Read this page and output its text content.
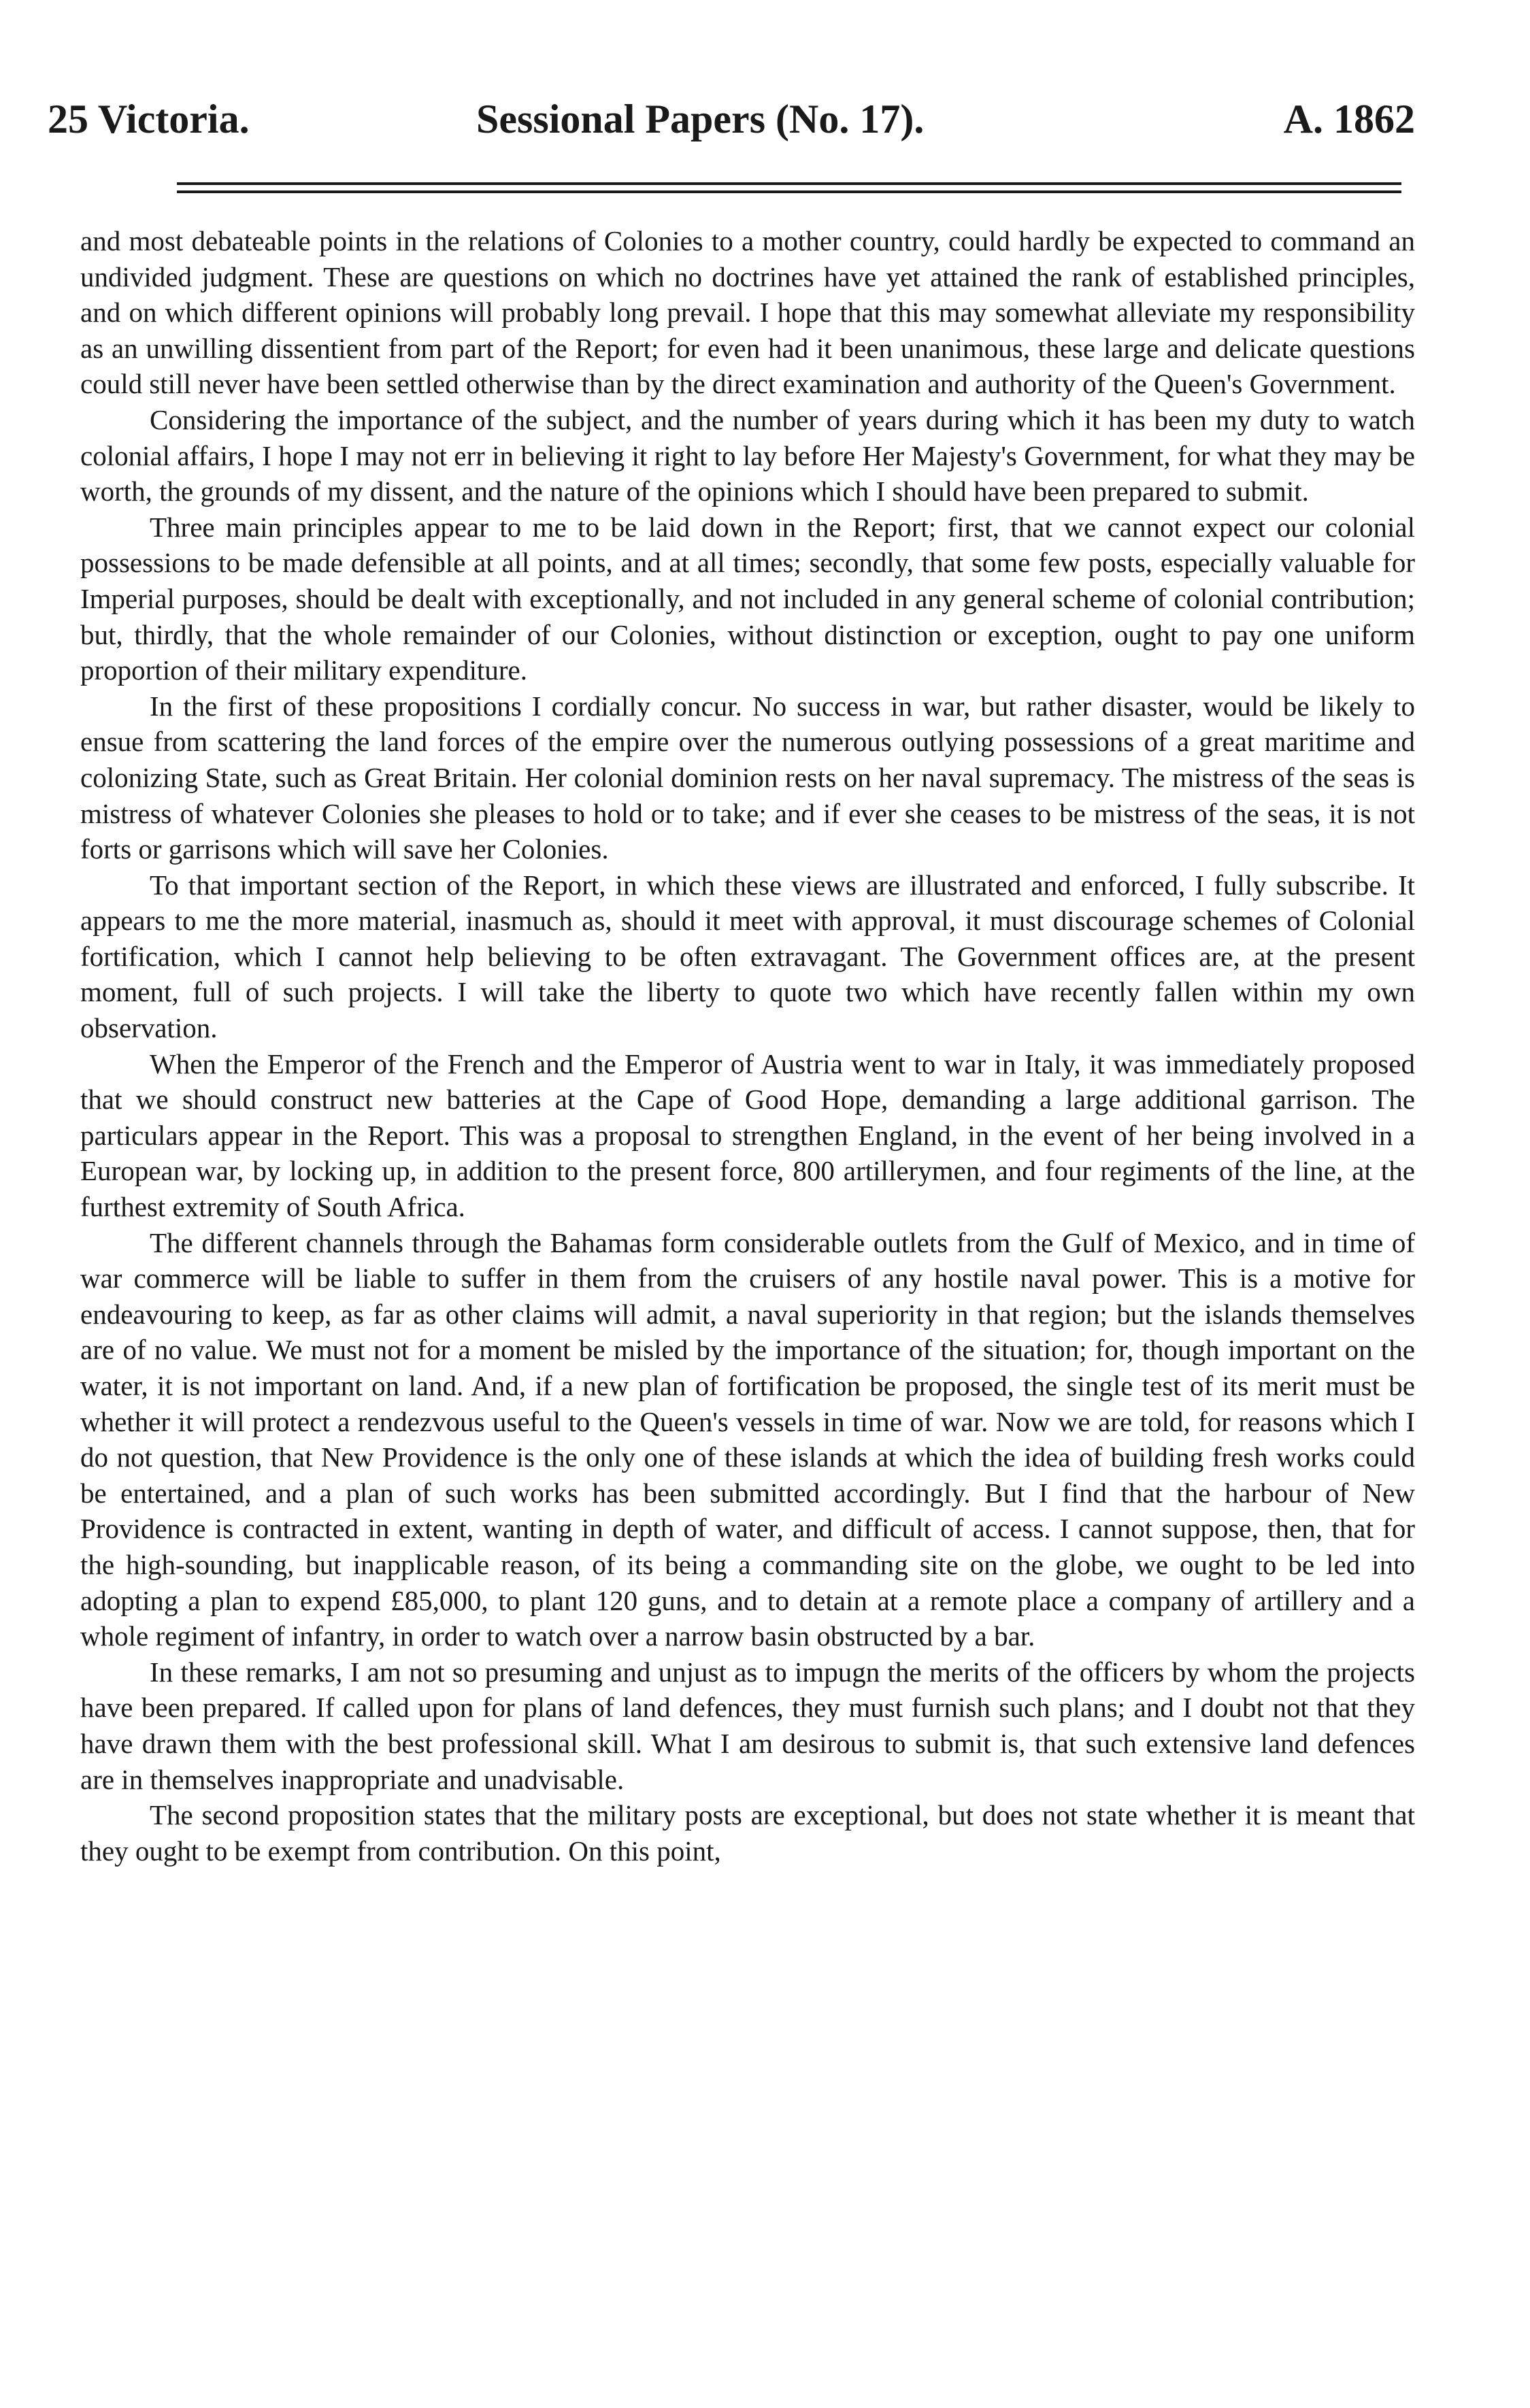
25 Victoria.	Sessional Papers (No. 17).	A. 1862

and most debateable points in the relations of Colonies to a mother country, could hardly be expected to command an undivided judgment. These are questions on which no doctrines have yet attained the rank of established principles, and on which different opinions will probably long prevail. I hope that this may somewhat alleviate my responsibility as an unwilling dissentient from part of the Report; for even had it been unanimous, these large and delicate questions could still never have been settled otherwise than by the direct examination and authority of the Queen's Government.

Considering the importance of the subject, and the number of years during which it has been my duty to watch colonial affairs, I hope I may not err in believing it right to lay before Her Majesty's Government, for what they may be worth, the grounds of my dissent, and the nature of the opinions which I should have been prepared to submit.

Three main principles appear to me to be laid down in the Report; first, that we cannot expect our colonial possessions to be made defensible at all points, and at all times; secondly, that some few posts, especially valuable for Imperial purposes, should be dealt with exceptionally, and not included in any general scheme of colonial contribution; but, thirdly, that the whole remainder of our Colonies, without distinction or exception, ought to pay one uniform proportion of their military expenditure.

In the first of these propositions I cordially concur. No success in war, but rather disaster, would be likely to ensue from scattering the land forces of the empire over the numerous outlying possessions of a great maritime and colonizing State, such as Great Britain. Her colonial dominion rests on her naval supremacy. The mistress of the seas is mistress of whatever Colonies she pleases to hold or to take; and if ever she ceases to be mistress of the seas, it is not forts or garrisons which will save her Colonies.

To that important section of the Report, in which these views are illustrated and enforced, I fully subscribe. It appears to me the more material, inasmuch as, should it meet with approval, it must discourage schemes of Colonial fortification, which I cannot help believing to be often extravagant. The Government offices are, at the present moment, full of such projects. I will take the liberty to quote two which have recently fallen within my own observation.

When the Emperor of the French and the Emperor of Austria went to war in Italy, it was immediately proposed that we should construct new batteries at the Cape of Good Hope, demanding a large additional garrison. The particulars appear in the Report. This was a proposal to strengthen England, in the event of her being involved in a European war, by locking up, in addition to the present force, 800 artillerymen, and four regiments of the line, at the furthest extremity of South Africa.

The different channels through the Bahamas form considerable outlets from the Gulf of Mexico, and in time of war commerce will be liable to suffer in them from the cruisers of any hostile naval power. This is a motive for endeavouring to keep, as far as other claims will admit, a naval superiority in that region; but the islands themselves are of no value. We must not for a moment be misled by the importance of the situation; for, though important on the water, it is not important on land. And, if a new plan of fortification be proposed, the single test of its merit must be whether it will protect a rendezvous useful to the Queen's vessels in time of war. Now we are told, for reasons which I do not question, that New Providence is the only one of these islands at which the idea of building fresh works could be entertained, and a plan of such works has been submitted accordingly. But I find that the harbour of New Providence is contracted in extent, wanting in depth of water, and difficult of access. I cannot suppose, then, that for the high-sounding, but inapplicable reason, of its being a commanding site on the globe, we ought to be led into adopting a plan to expend £85,000, to plant 120 guns, and to detain at a remote place a company of artillery and a whole regiment of infantry, in order to watch over a narrow basin obstructed by a bar.

In these remarks, I am not so presuming and unjust as to impugn the merits of the officers by whom the projects have been prepared. If called upon for plans of land defences, they must furnish such plans; and I doubt not that they have drawn them with the best professional skill. What I am desirous to submit is, that such extensive land defences are in themselves inappropriate and unadvisable.

The second proposition states that the military posts are exceptional, but does not state whether it is meant that they ought to be exempt from contribution. On this point,
